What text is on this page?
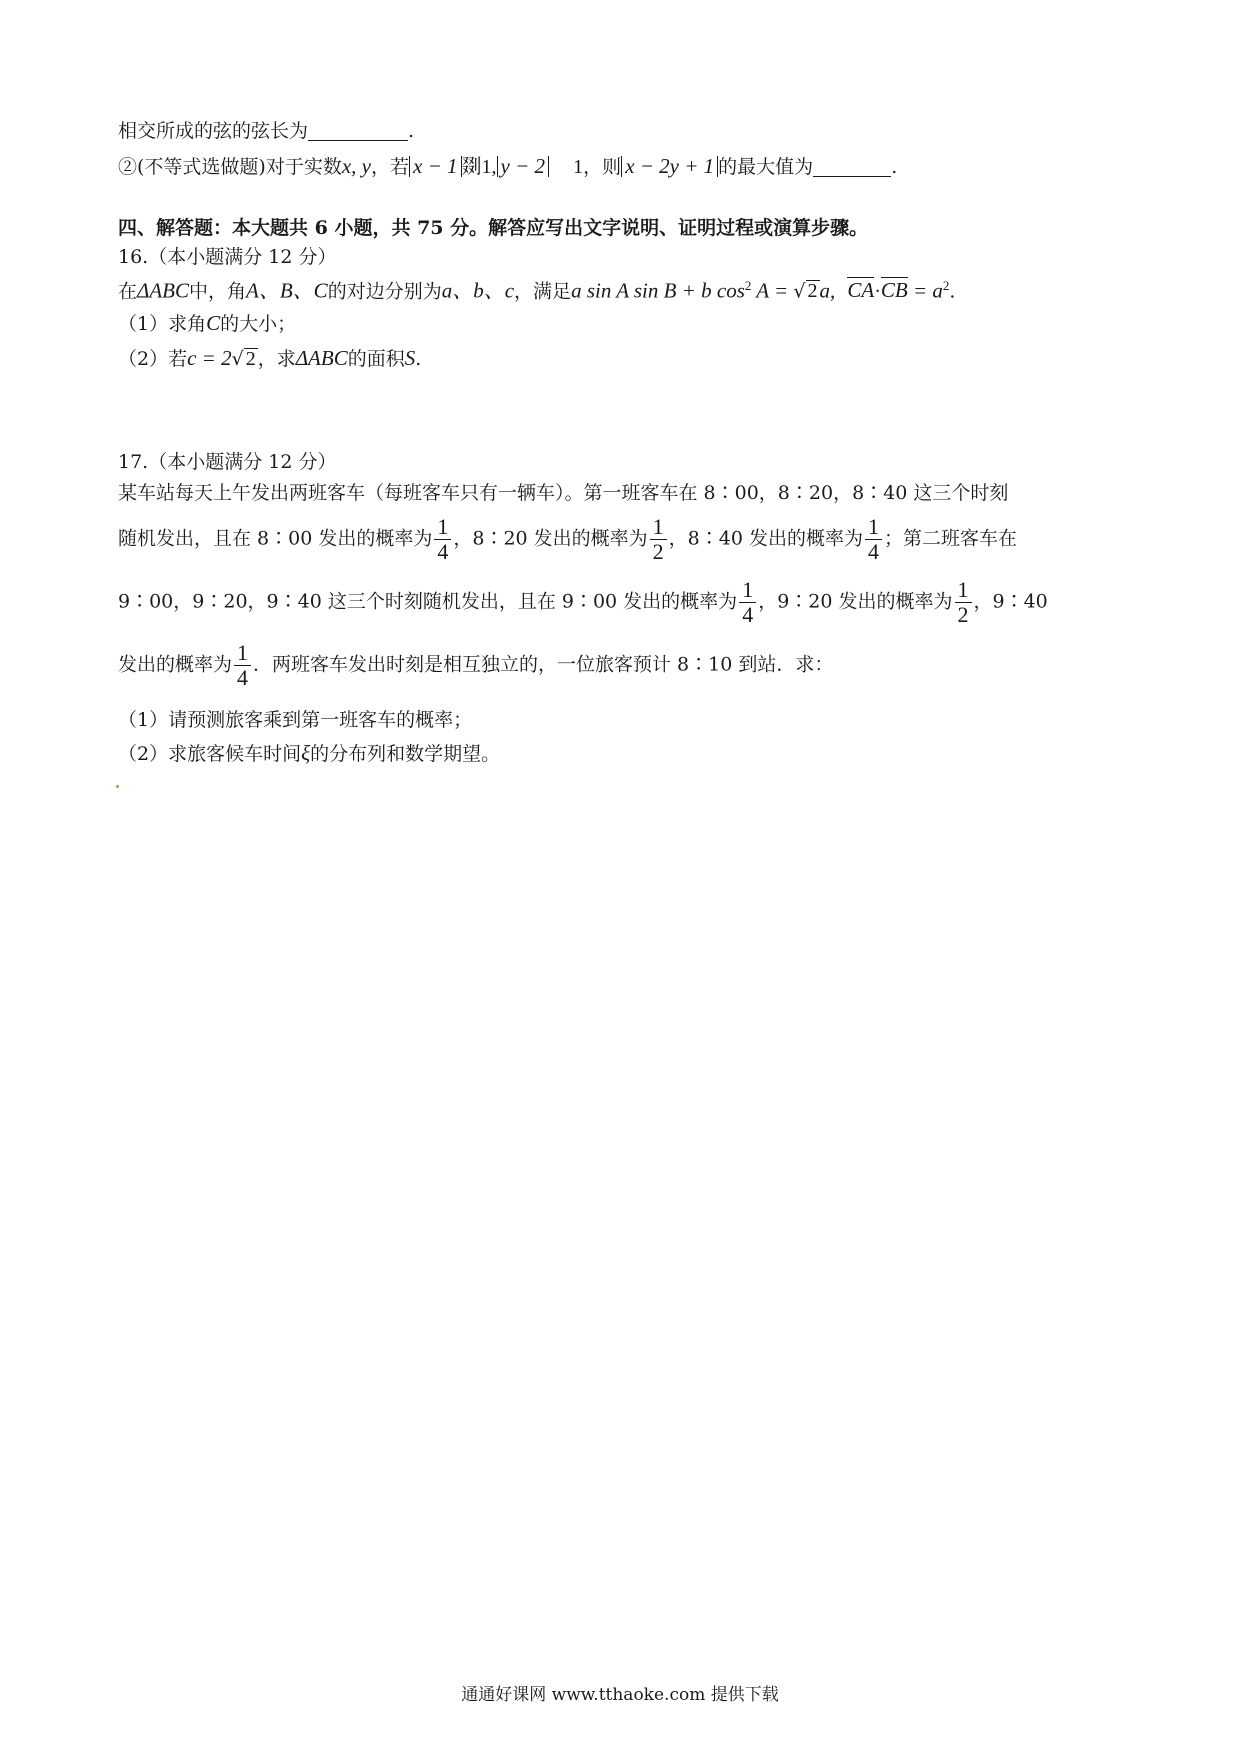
相交所成的弦的弦长为	.
②(不等式选做题)对于实数x, y，若 x − 1 剟1, y − 2 1，则 x − 2y + 1 的最大值为	.
四、解答题：本大题共 6 小题，共 75 分。解答应写出文字说明、证明过程或演算步骤。
16.（本小题满分 12 分）
在ΔABC中，角A、B、C的对边分别为a、b、c，满足a sin A sin B + b $\cos^2 A$ = √ 2a, $CA\cdot CB = a^2$.
（1）求角C的大小；
（2）若c = 2√ 2 ，求ΔABC的面积S.
17.（本小题满分 12 分）
某车站每天上午发出两班客车（每班客车只有一辆车）。第一班客车在 8∶00，8∶20，8∶40 这三个时刻
随机发出，且在 8∶00 发出的概率为 $\frac{1}{4}$ ，8∶20 发出的概率为 $\frac{1}{2}$ ，8∶40 发出的概率为 $\frac{1}{4}$ ；第二班客车在
9∶00，9∶20，9∶40 这三个时刻随机发出，且在 9∶00 发出的概率为 $\frac{1}{4}$ ，9∶20 发出的概率为 $\frac{1}{2}$ ，9∶40
发出的概率为 $\frac{1}{4}$ ．两班客车发出时刻是相互独立的，一位旅客预计 8∶10 到站．求：
（1）请预测旅客乘到第一班客车的概率；
（2）求旅客候车时间ξ的分布列和数学期望。
通通好课网 www.tthaoke.com 提供下载
